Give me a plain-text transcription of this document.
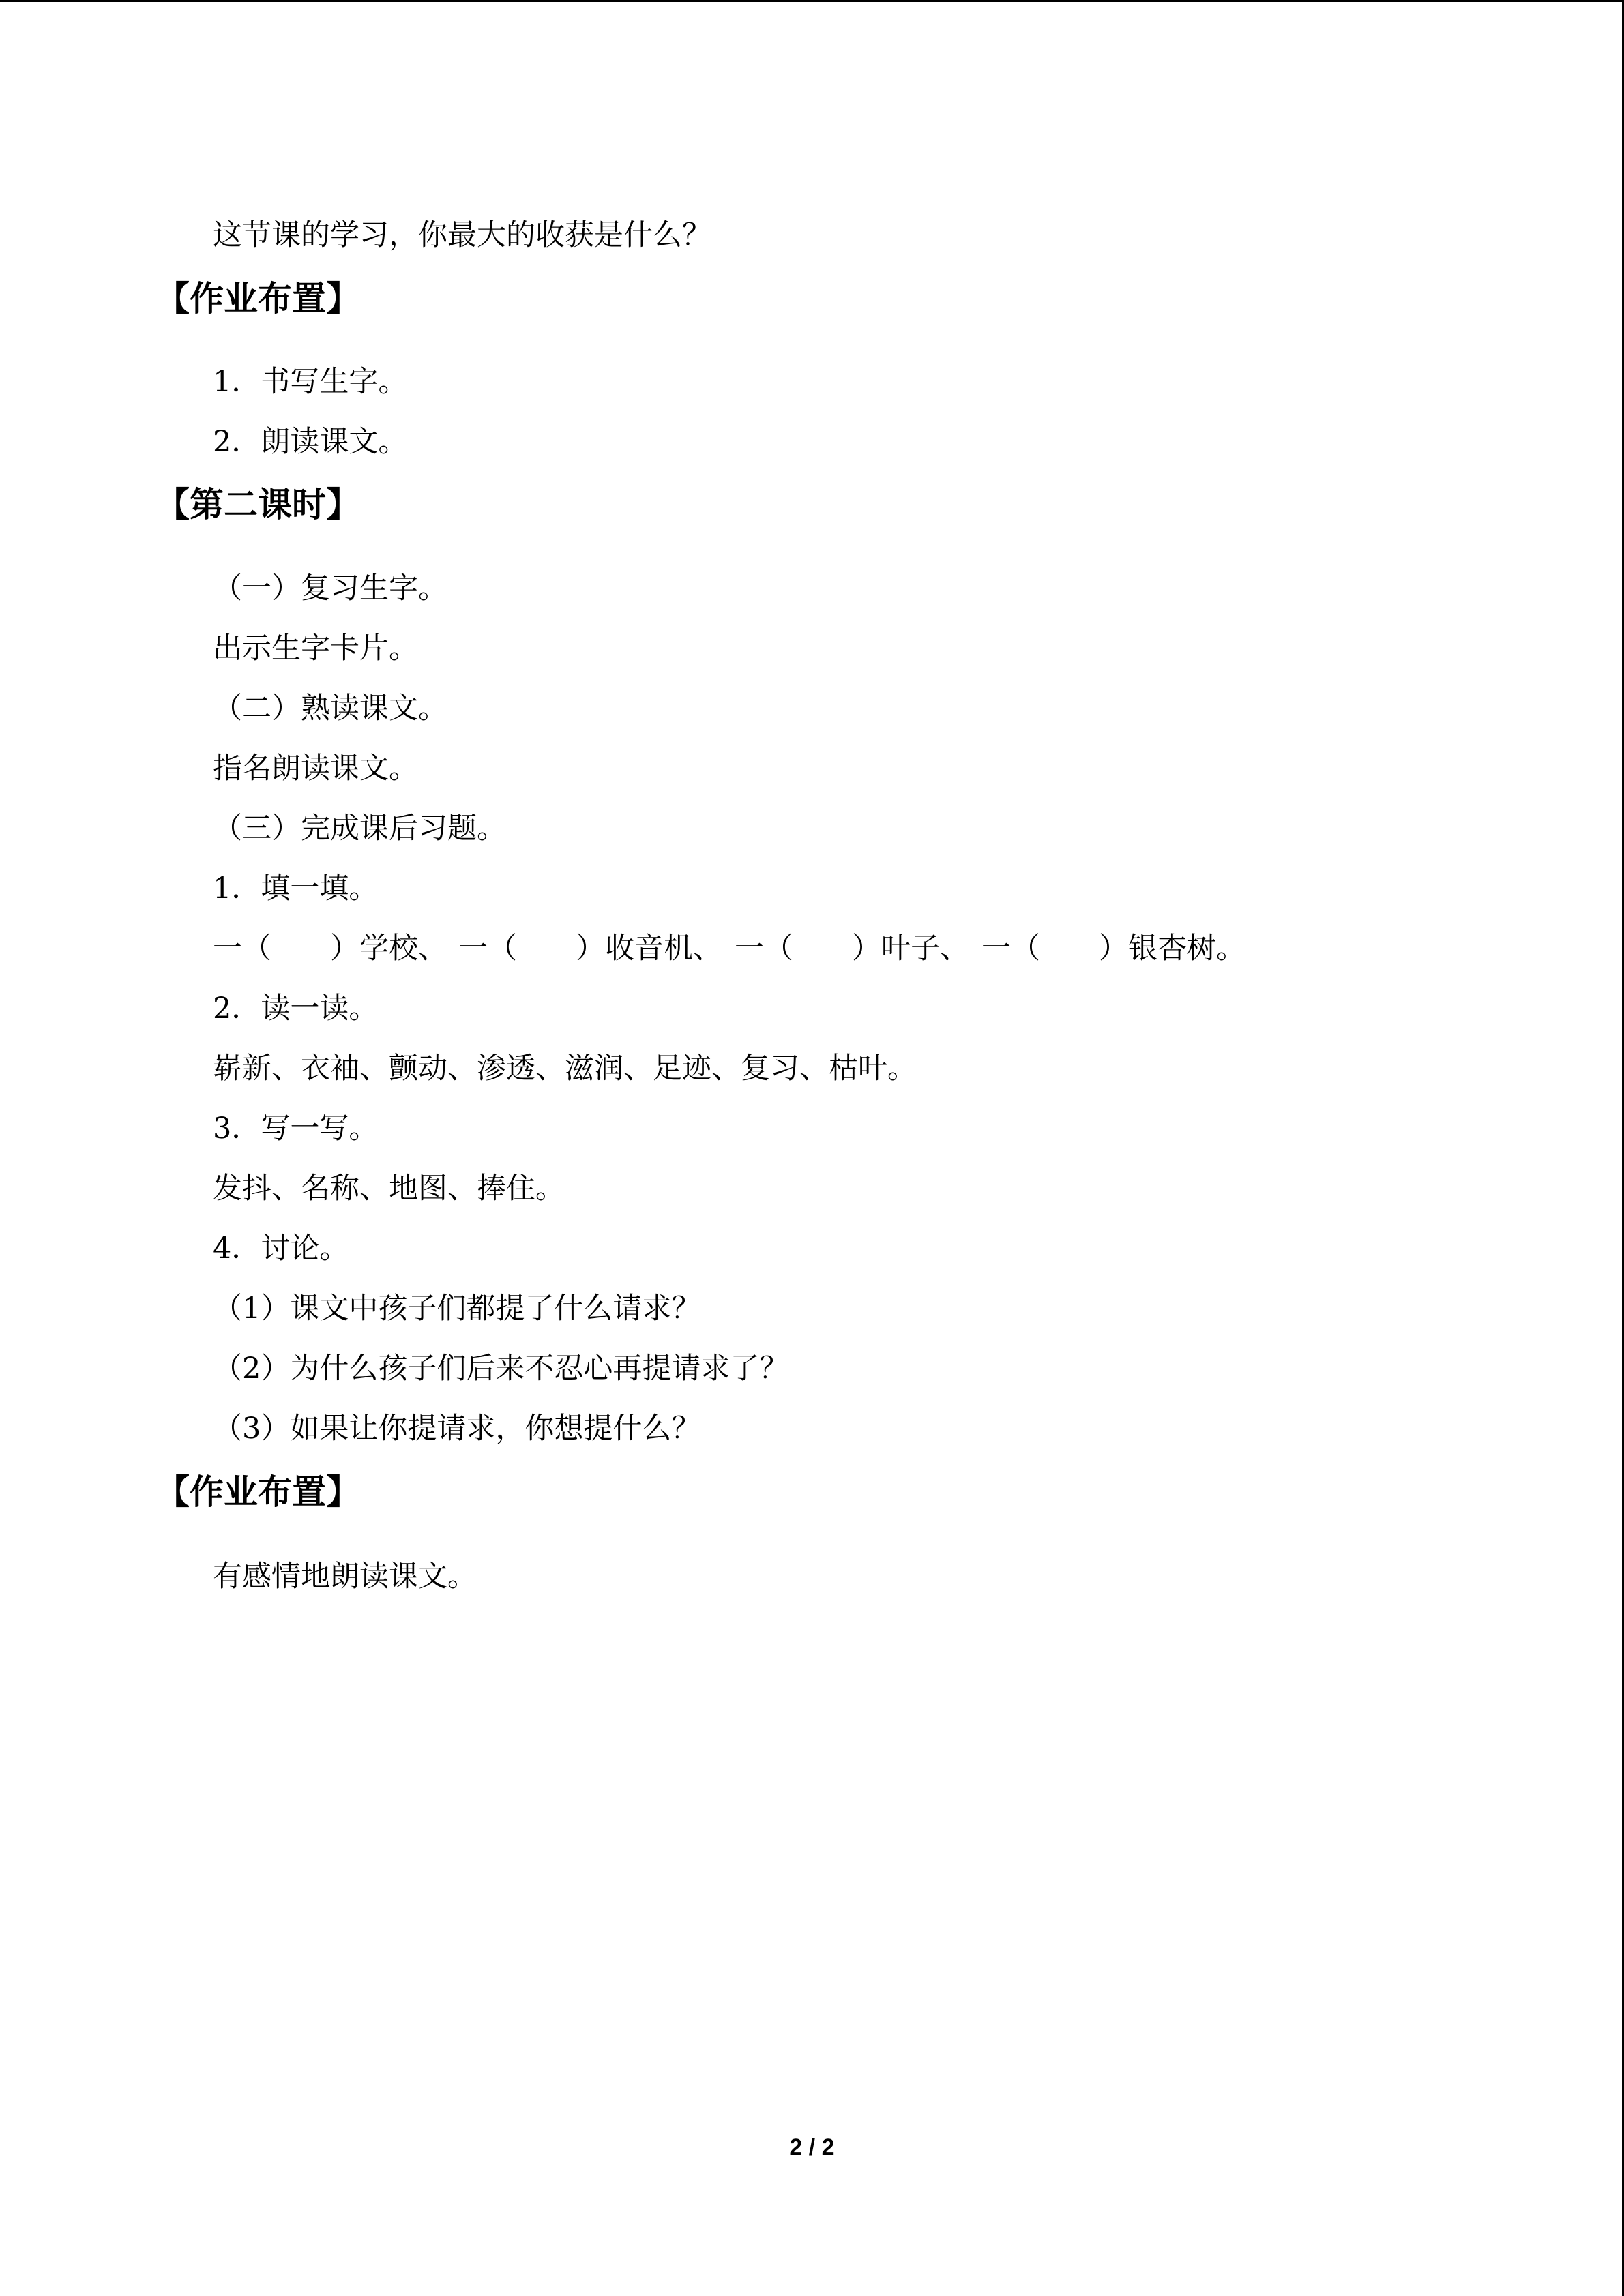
这节课的学习，你最大的收获是什么？
【作业布置】
1．书写生字。
2．朗读课文。
【第二课时】
（一）复习生字。
出示生字卡片。
（二）熟读课文。
指名朗读课文。
（三）完成课后习题。
1．填一填。
一（　　）学校、 一（　　）收音机、 一（　　）叶子、 一（　　）银杏树。
2．读一读。
崭新、衣袖、颤动、渗透、滋润、足迹、复习、枯叶。
3．写一写。
发抖、名称、地图、捧住。
4．讨论。
（1）课文中孩子们都提了什么请求？
（2）为什么孩子们后来不忍心再提请求了？
（3）如果让你提请求，你想提什么？
【作业布置】
有感情地朗读课文。
2 / 2
